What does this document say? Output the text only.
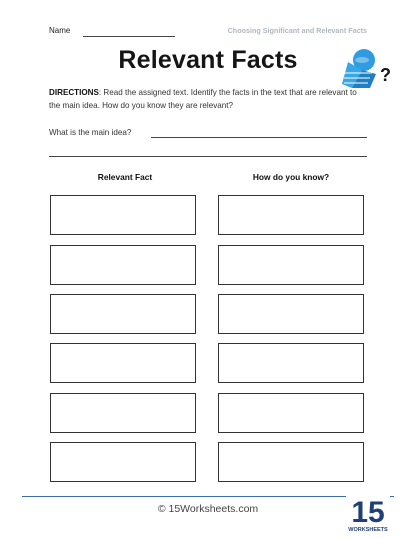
Name	Choosing Significant and Relevant Facts
Relevant Facts
?
DIRECTIONS: Read the assigned text. Identify the facts in the text that are relevant to the main idea. How do you know they are relevant?
What is the main idea?
Relevant Fact	How do you know?
© 15Worksheets.com	15
WORKSHEETS
